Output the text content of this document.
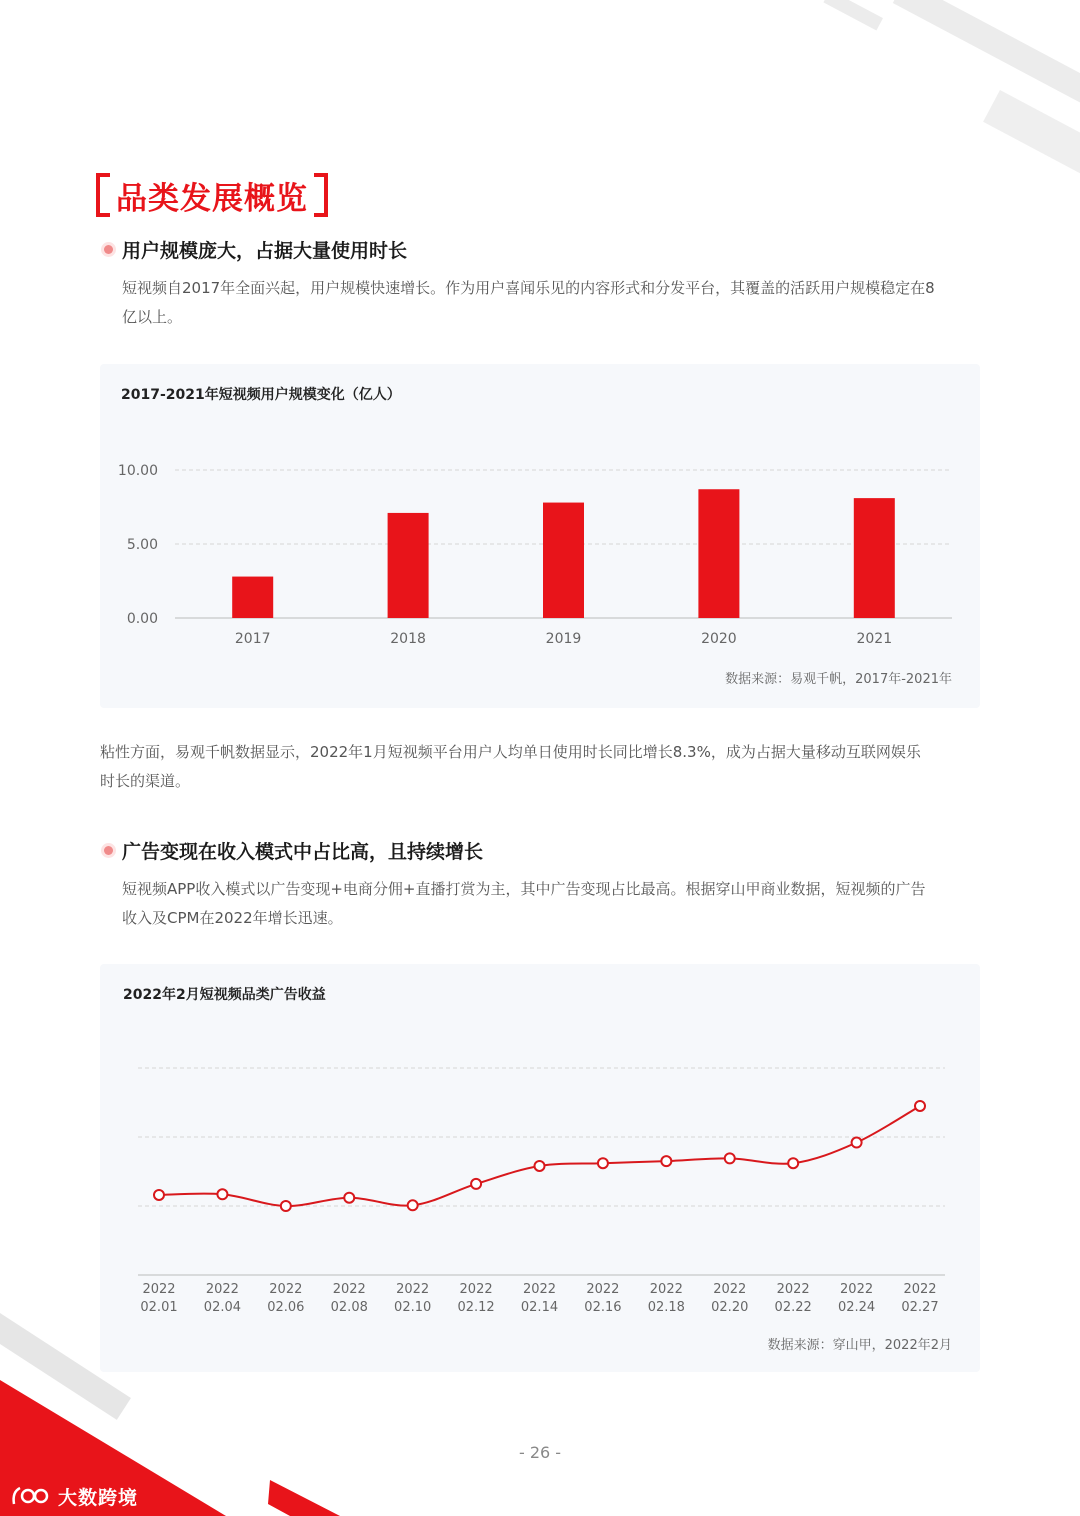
品类发展概览
用户规模庞大，占据大量使用时长
短视频自2017年全面兴起，用户规模快速增长。作为用户喜闻乐见的内容形式和分发平台，其覆盖的活跃用户规模稳定在8
亿以上。
2017-2021年短视频用户规模变化（亿人）
0.00
5.00
10.00
2017	2018	2019	2020	2021
数据来源：易观千帆，2017年-2021年
粘性方面，易观千帆数据显示，2022年1月短视频平台用户人均单日使用时长同比增长8.3%，成为占据大量移动互联网娱乐
时长的渠道。
广告变现在收入模式中占比高，且持续增长
短视频APP收入模式以广告变现+电商分佣+直播打赏为主，其中广告变现占比最高。根据穿山甲商业数据，短视频的广告
收入及CPM在2022年增长迅速。
2022年2月短视频品类广告收益
2022
02.01
2022
02.04
2022
02.06
2022
02.08
2022
02.10
2022
02.12
2022
02.14
2022
02.16
2022
02.18
2022
02.20
2022
02.22
2022
02.24
2022
02.27
数据来源：穿山甲，2022年2月
- 26 -
大数跨境
